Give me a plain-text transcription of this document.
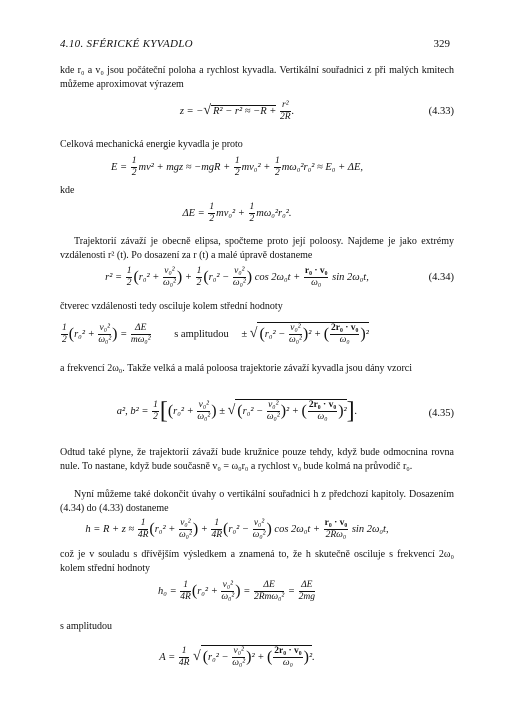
4.10. SFÉRICKÉ KYVADLO	329
kde r₀ a v₀ jsou počáteční poloha a rychlost kyvadla. Vertikální souřadnici z při malých kmitech můžeme aproximovat výrazem
z = −√ $R^2 - r^2 \approx -R + \frac{\text{r²}}{2R}$ .	(4.33)
Celková mechanická energie kyvadla je proto
$E = \frac{1}{2} mv^2$ + mgz ≈ $-mgR + \frac{1}{2} mv_0^2 + \frac{1}{2} m\omega_0^2r_0^2 \approx E_0 + \Delta E$,
kde
$\Delta E = \frac{1}{2} mv_0^2 + \frac{1}{2} m\omega_0^2r_0^2$.
Trajektorií závaží je obecně elipsa, spočteme proto její poloosy. Najdeme je jako extrémy vzdálenosti r² (t). Po dosazení za r (t) a malé úpravě dostaneme
$r^2 = \frac{1}{2} (r_0^2 + \frac{\text{v₀²}}{\text{ω₀²}}$ ) + $\frac{1}{2} (r_0^2 - \frac{\text{v₀²}}{\text{ω₀²}}$ ) $\cos 2\omega_0t + \frac{\text{r₀ · v₀}}{\text{ω₀}}$ sin 2ω₀t,	(4.34)
čtverec vzdálenosti tedy osciluje kolem střední hodnoty
$\frac{1}{2} (r_0^2 + \frac{\text{v₀²}}{\text{ω₀²}}$ ) = $\frac{\Delta E}{\text{mω₀²}}$ s amplitudou ± √ $(r_0^2 - \frac{\text{v₀²}}{\text{ω₀²}} )^2$ + ( $\frac{\text{2r₀ · v₀}}{\text{ω₀}} )^2$
a frekvencí 2ω₀. Takže velká a malá poloosa trajektorie závaží kyvadla jsou dány vzorci
a², $b^2 = \frac{1}{2} [(r_0^2 + \frac{\text{v₀²}}{\text{ω₀²}}$ ) ± √ $(r_0^2 - \frac{\text{v₀²}}{\text{ω₀²}} )^2$ + ( $\frac{\text{2r₀ · v₀}}{\text{ω₀}} )^2$].	(4.35)
Odtud také plyne, že trajektorií závaží bude kružnice pouze tehdy, když bude odmocnina rovna nule. To nastane, když bude současně v₀ = ω₀r₀ a rychlost v₀ bude kolmá na průvodič r₀.
Nyní můžeme také dokončit úvahy o vertikální souřadnici h z předchozí kapitoly. Dosazením (4.34) do (4.33) dostaneme
$h = R + z \approx \frac{1}{4R} (r_0^2 + \frac{\text{v₀²}}{\text{ω₀²}}$ ) + $\frac{1}{4R} (r_0^2 - \frac{\text{v₀²}}{\text{ω₀²}}$ ) $\cos 2\omega_0t + \frac{\text{r₀ · v₀}}{\text{2Rω₀}}$ sin 2ω₀t,
což je v souladu s dřívějším výsledkem a znamená to, že h skutečně osciluje s frekvencí 2ω₀ kolem střední hodnoty
$h_0 = \frac{1}{4R} (r_0^2 + \frac{\text{v₀²}}{\text{ω₀²}}$ ) = $\frac{\Delta E}{\text{2Rmω₀²}} = \frac{\Delta E}{2mg}$
s amplitudou
$A = \frac{1}{4R}$ √ $(r_0^2 - \frac{\text{v₀²}}{\text{ω₀²}} )^2$ + ( $\frac{\text{2r₀ · v₀}}{\text{ω₀}} )^2$.
